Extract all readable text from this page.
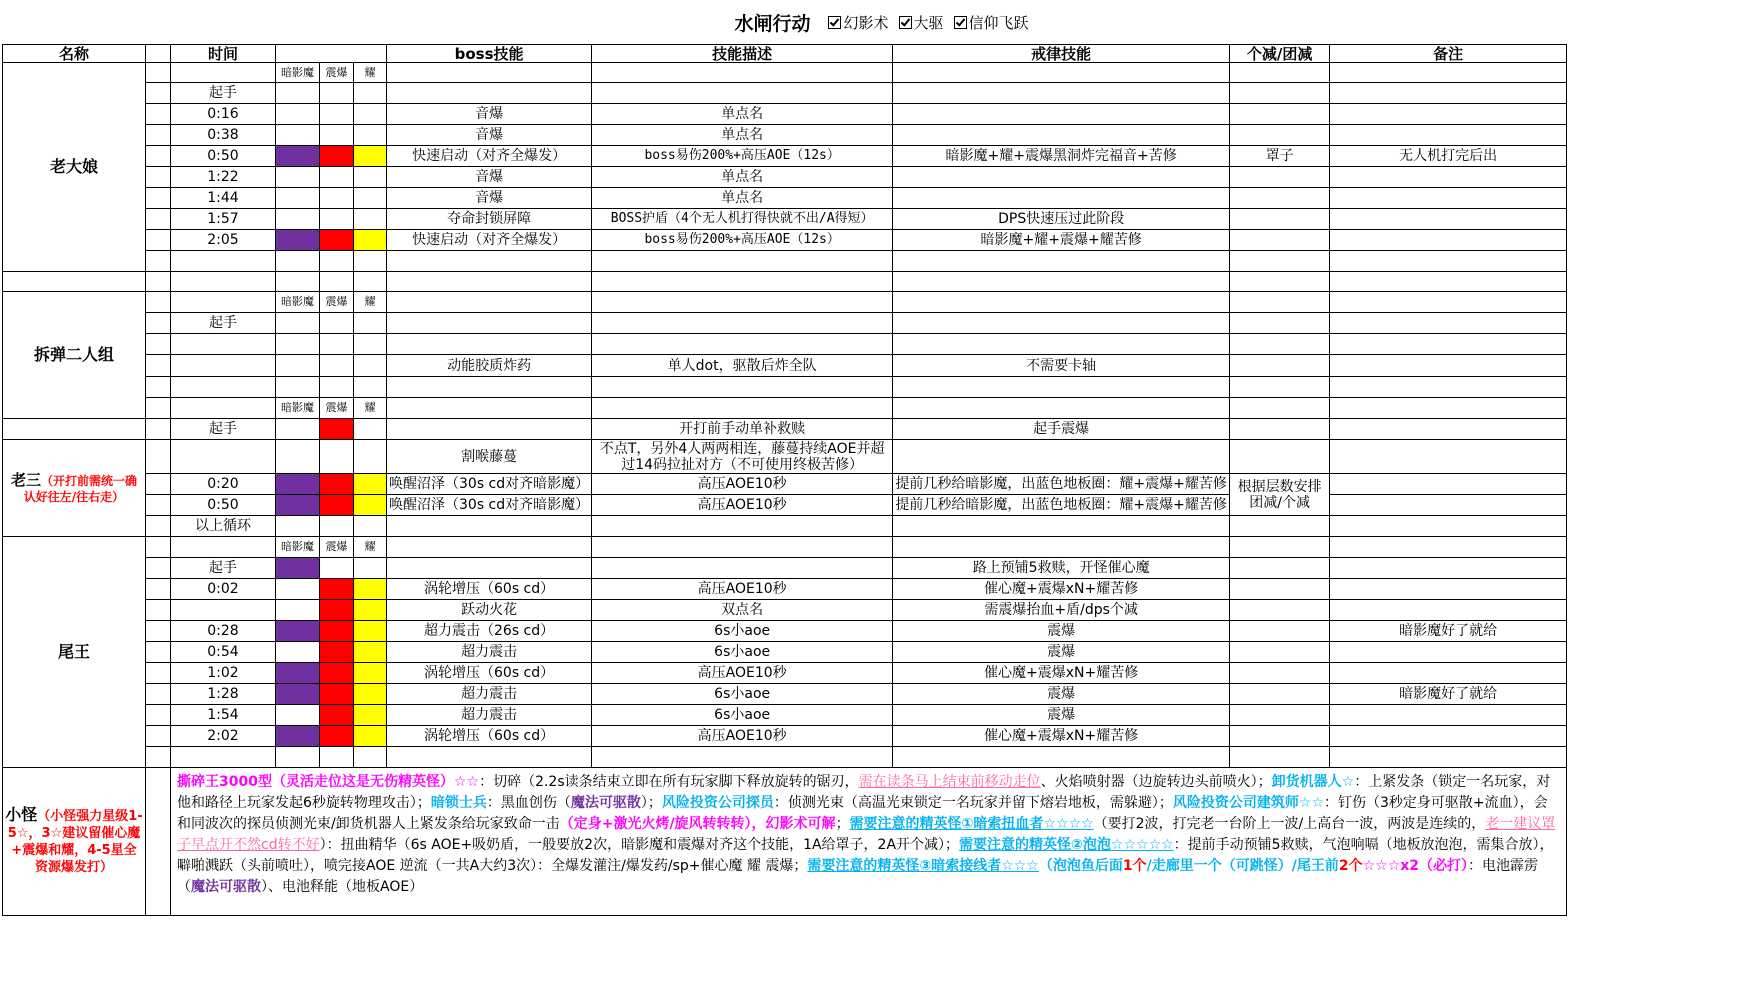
水闸行动 幻影术 大驱 信仰飞跃
名称		时间				boss技能	技能描述	戒律技能	个减/团减	备注
老大娘			暗影魔	震爆	耀					
		起手								
		0:16				音爆	单点名			
		0:38				音爆	单点名			
		0:50				快速启动（对齐全爆发）	boss易伤200%+高压AOE（12s）	暗影魔+耀+震爆黑洞炸完福音+苦修	罩子	无人机打完后出
		1:22				音爆	单点名			
		1:44				音爆	单点名			
		1:57				夺命封锁屏障	BOSS护盾（4个无人机打得快就不出/A得短）	DPS快速压过此阶段		
		2:05				快速启动（对齐全爆发）	boss易伤200%+高压AOE（12s）	暗影魔+耀+震爆+耀苦修		

拆弹二人组			暗影魔	震爆	耀					
		起手								

						动能胶质炸药	单人dot，驱散后炸全队	不需要卡轴		

			暗影魔	震爆	耀					
		起手					开打前手动单补救赎	起手震爆		
老三（开打前需统一确认好往左/往右走）						割喉藤蔓	不点T，另外4人两两相连，藤蔓持续AOE并超过14码拉扯对方（不可使用终极苦修）			
		0:20				唤醒沼泽（30s cd对齐暗影魔）	高压AOE10秒	提前几秒给暗影魔，出蓝色地板圈：耀+震爆+耀苦修	根据层数安排团减/个减	
		0:50				唤醒沼泽（30s cd对齐暗影魔）	高压AOE10秒	提前几秒给暗影魔，出蓝色地板圈：耀+震爆+耀苦修		
		以上循环								
尾王			暗影魔	震爆	耀					
		起手						路上预铺5救赎，开怪催心魔		
		0:02				涡轮增压（60s cd）	高压AOE10秒	催心魔+震爆xN+耀苦修		
						跃动火花	双点名	需震爆抬血+盾/dps个减		
		0:28				超力震击（26s cd）	6s小aoe	震爆		暗影魔好了就给
		0:54				超力震击	6s小aoe	震爆		
		1:02				涡轮增压（60s cd）	高压AOE10秒	催心魔+震爆xN+耀苦修		
		1:28				超力震击	6s小aoe	震爆		暗影魔好了就给
		1:54				超力震击	6s小aoe	震爆		
		2:02				涡轮增压（60s cd）	高压AOE10秒	催心魔+震爆xN+耀苦修		

小怪（小怪强力星级1-5☆，3☆建议留催心魔+震爆和耀，4-5星全资源爆发打）		撕碎王3000型（灵活走位这是无伤精英怪）☆☆：切碎（2.2s读条结束立即在所有玩家脚下释放旋转的锯刃，需在读条马上结束前移动走位、火焰喷射器（边旋转边头前喷火）；卸货机器人☆：上紧发条（锁定一名玩家，对他和路径上玩家发起6秒旋转物理攻击）；暗锁士兵：黑血创伤（魔法可驱散）；风险投资公司探员：侦测光束（高温光束锁定一名玩家并留下熔岩地板，需躲避）；风险投资公司建筑师☆☆：钉伤（3秒定身可驱散+流血），会和同波次的探员侦测光束/卸货机器人上紧发条给玩家致命一击（定身+激光火烤/旋风转转转），幻影术可解；需要注意的精英怪①暗索扭血者☆☆☆☆（要打2波，打完老一台阶上一波/上高台一波，两波是连续的，老一建议罩子早点开不然cd转不好）：扭曲精华（6s AOE+吸奶盾，一般要放2次，暗影魔和震爆对齐这个技能，1A给罩子，2A开个减）；需要注意的精英怪②泡泡☆☆☆☆☆：提前手动预铺5救赎，气泡响嗝（地板放泡泡，需集合放），噼啪溅跃（头前喷吐），喷完接AOE 逆流（一共A大约3次）：全爆发灌注/爆发药/sp+催心魔 耀 震爆；需要注意的精英怪③暗索接线者☆☆☆（泡泡鱼后面1个/走廊里一个（可跳怪）/尾王前2个☆☆☆x2（必打）：电池霹雳（魔法可驱散）、电池释能（地板AOE）								
